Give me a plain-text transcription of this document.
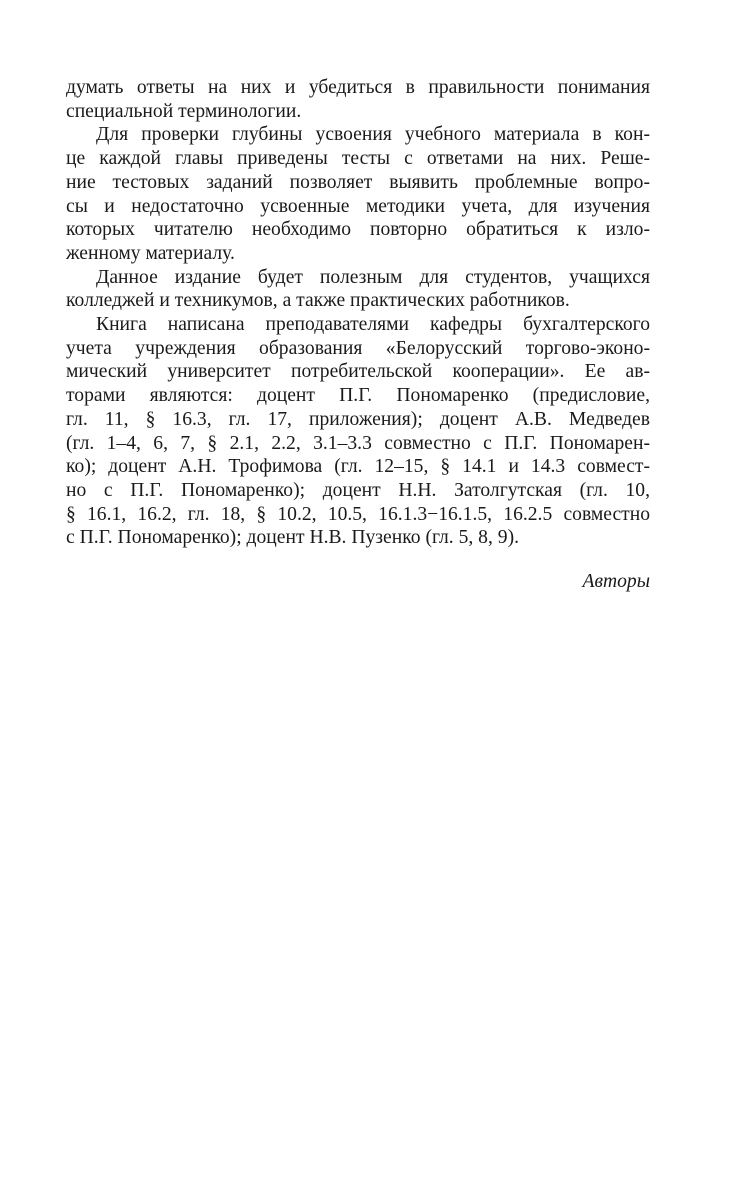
думать ответы на них и убедиться в правильности понимания
специальной терминологии.

Для проверки глубины усвоения учебного материала в кон-
це каждой главы приведены тесты с ответами на них. Реше-
ние тестовых заданий позволяет выявить проблемные вопро-
сы и недостаточно усвоенные методики учета, для изучения
которых читателю необходимо повторно обратиться к изло-
женному материалу.

Данное издание будет полезным для студентов, учащихся
колледжей и техникумов, а также практических работников.

Книга написана преподавателями кафедры бухгалтерского
учета учреждения образования «Белорусский торгово-эконо-
мический университет потребительской кооперации». Ее ав-
торами являются: доцент П.Г. Пономаренко (предисловие,
гл. 11, § 16.3, гл. 17, приложения); доцент А.В. Медведев
(гл. 1–4, 6, 7, § 2.1, 2.2, 3.1–3.3 совместно с П.Г. Пономарен-
ко); доцент А.Н. Трофимова (гл. 12–15, § 14.1 и 14.3 совмест-
но с П.Г. Пономаренко); доцент Н.Н. Затолгутская (гл. 10,
§ 16.1, 16.2, гл. 18, § 10.2, 10.5, 16.1.3−16.1.5, 16.2.5 совместно
с П.Г. Пономаренко); доцент Н.В. Пузенко (гл. 5, 8, 9).

Авторы
